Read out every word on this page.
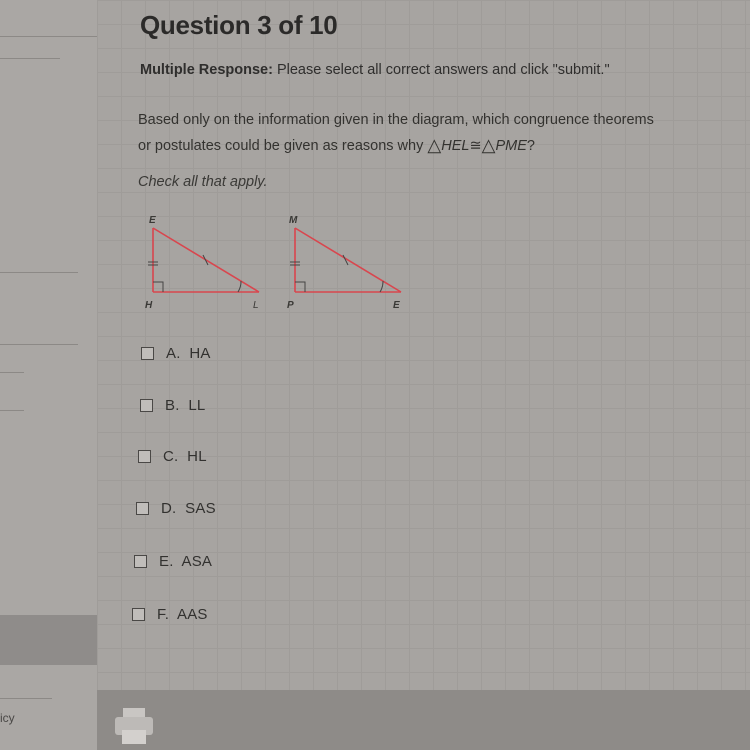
icy
Question 3 of 10
Multiple Response: Please select all correct answers and click "submit."
Based only on the information given in the diagram, which congruence theorems
or postulates could be given as reasons why △HEL≅△PME?
Check all that apply.
E
H	L
M
P	E
A. HA
B. LL
C. HL
D. SAS
E. ASA
F. AAS
